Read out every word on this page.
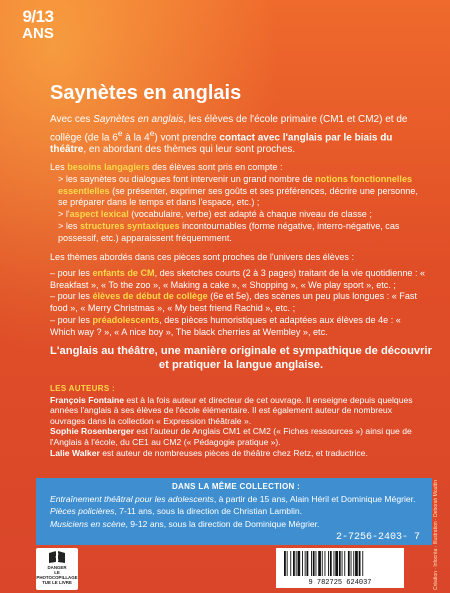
9/13
ANS
Saynètes en anglais
Avec ces Saynètes en anglais, les élèves de l'école primaire (CM1 et CM2) et de collège (de la 6e à la 4e) vont prendre contact avec l'anglais par le biais du théâtre, en abordant des thèmes qui leur sont proches.
Les besoins langagiers des élèves sont pris en compte :
> les saynètes ou dialogues font intervenir un grand nombre de notions fonctionnelles essentielles (se présenter, exprimer ses goûts et ses préférences, décrire une personne, se préparer dans le temps et dans l'espace, etc.) ;
> l'aspect lexical (vocabulaire, verbe) est adapté à chaque niveau de classe ;
> les structures syntaxiques incontournables (forme négative, interro-négative, cas possessif, etc.) apparaissent fréquemment.
Les thèmes abordés dans ces pièces sont proches de l'univers des élèves :
– pour les enfants de CM, des sketches courts (2 à 3 pages) traitant de la vie quotidienne : « Breakfast », « To the zoo », « Making a cake », « Shopping », « We play sport », etc. ;
– pour les élèves de début de collège (6e et 5e), des scènes un peu plus longues : « Fast food », « Merry Christmas », « My best friend Rachid », etc. ;
– pour les préadolescents, des pièces humoristiques et adaptées aux élèves de 4e : « Which way ? », « A nice boy », The black cherries at Wembley », etc.
L'anglais au théâtre, une manière originale et sympathique de découvrir et pratiquer la langue anglaise.
LES AUTEURS :
François Fontaine est à la fois auteur et directeur de cet ouvrage. Il enseigne depuis quelques années l'anglais à ses élèves de l'école élémentaire. Il est également auteur de nombreux ouvrages dans la collection « Expression théâtrale ».
Sophie Rosenberger est l'auteur de Anglais CM1 et CM2 (« Fiches ressources ») ainsi que de l'Anglais à l'école, du CE1 au CM2 (« Pédagogie pratique »).
Lalie Walker est auteur de nombreuses pièces de théâtre chez Retz, et traductrice.
DANS LA MÊME COLLECTION :
Entraînement théâtral pour les adolescents, à partir de 15 ans, Alain Héril et Dominique Mégrier.
Pièces policières, 7-11 ans, sous la direction de Christian Lamblin.
Musiciens en scène, 9-12 ans, sous la direction de Dominique Mégrier.
2-7256-2403- 7
DANGER
LE
PHOTOCOPILLAGE
TUE LE LIVRE	9 782725 624037	Création · Infocréa · Illustration · Deborah Mouttin
